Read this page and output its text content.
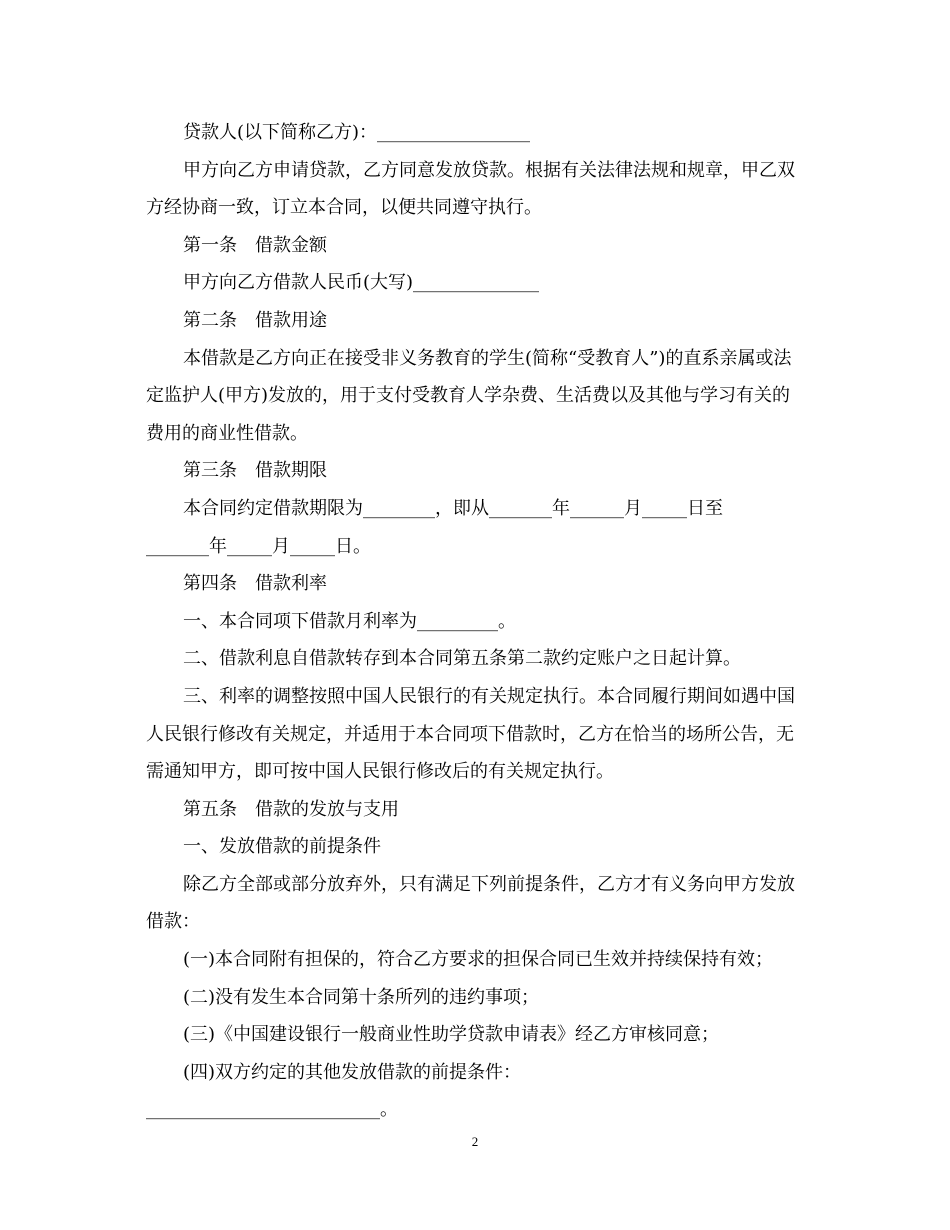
贷款人(以下简称乙方)：_________________

甲方向乙方申请贷款，乙方同意发放贷款。根据有关法律法规和规章，甲乙双方经协商一致，订立本合同，以便共同遵守执行。

第一条　借款金额

甲方向乙方借款人民币(大写)______________

第二条　借款用途

本借款是乙方向正在接受非义务教育的学生(简称“受教育人”)的直系亲属或法定监护人(甲方)发放的，用于支付受教育人学杂费、生活费以及其他与学习有关的费用的商业性借款。

第三条　借款期限

本合同约定借款期限为________，即从_______年______月_____日至

_______年_____月_____日。

第四条　借款利率

一、本合同项下借款月利率为_________。

二、借款利息自借款转存到本合同第五条第二款约定账户之日起计算。

三、利率的调整按照中国人民银行的有关规定执行。本合同履行期间如遇中国人民银行修改有关规定，并适用于本合同项下借款时，乙方在恰当的场所公告，无需通知甲方，即可按中国人民银行修改后的有关规定执行。

第五条　借款的发放与支用

一、发放借款的前提条件

除乙方全部或部分放弃外，只有满足下列前提条件，乙方才有义务向甲方发放借款：

(一)本合同附有担保的，符合乙方要求的担保合同已生效并持续保持有效；

(二)没有发生本合同第十条所列的违约事项；

(三)《中国建设银行一般商业性助学贷款申请表》经乙方审核同意；

(四)双方约定的其他发放借款的前提条件：

__________________________。

2
